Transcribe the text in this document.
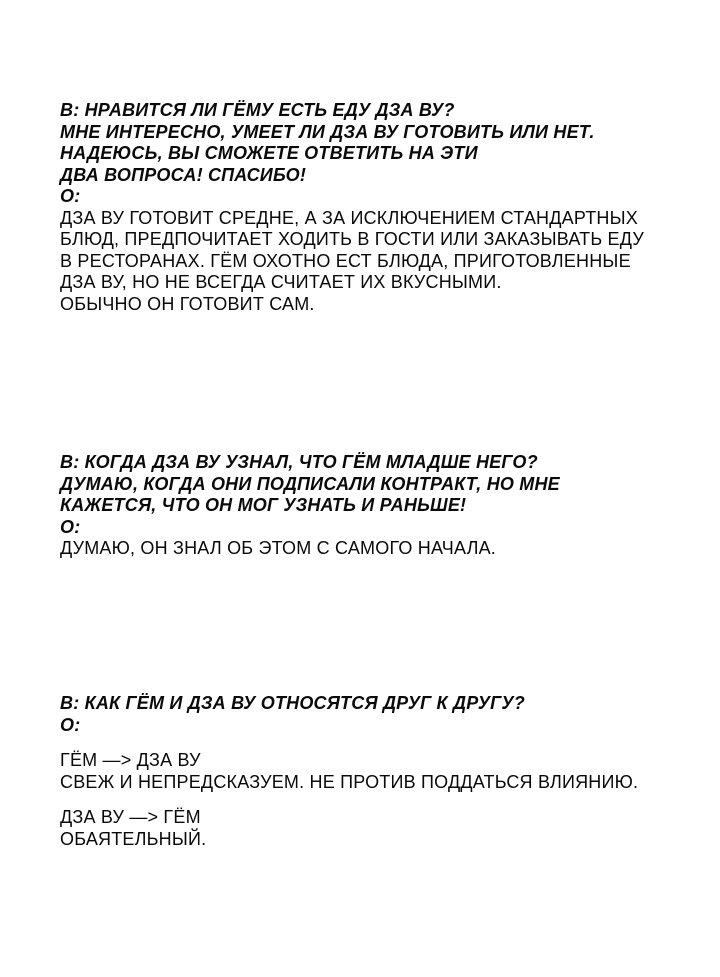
В: НРАВИТСЯ ЛИ ГЁМУ ЕСТЬ ЕДУ ДЗА ВУ?
МНЕ ИНТЕРЕСНО, УМЕЕТ ЛИ ДЗА ВУ ГОТОВИТЬ ИЛИ НЕТ.
НАДЕЮСЬ, ВЫ СМОЖЕТЕ ОТВЕТИТЬ НА ЭТИ
ДВА ВОПРОСА! СПАСИБО!
О:
ДЗА ВУ ГОТОВИТ СРЕДНЕ, А ЗА ИСКЛЮЧЕНИЕМ СТАНДАРТНЫХ
БЛЮД, ПРЕДПОЧИТАЕТ ХОДИТЬ В ГОСТИ ИЛИ ЗАКАЗЫВАТЬ ЕДУ
В РЕСТОРАНАХ. ГЁМ ОХОТНО ЕСТ БЛЮДА, ПРИГОТОВЛЕННЫЕ
ДЗА ВУ, НО НЕ ВСЕГДА СЧИТАЕТ ИХ ВКУСНЫМИ.
ОБЫЧНО ОН ГОТОВИТ САМ.
В: КОГДА ДЗА ВУ УЗНАЛ, ЧТО ГЁМ МЛАДШЕ НЕГО?
ДУМАЮ, КОГДА ОНИ ПОДПИСАЛИ КОНТРАКТ, НО МНЕ
КАЖЕТСЯ, ЧТО ОН МОГ УЗНАТЬ И РАНЬШЕ!
О:
ДУМАЮ, ОН ЗНАЛ ОБ ЭТОМ С САМОГО НАЧАЛА.
В: КАК ГЁМ И ДЗА ВУ ОТНОСЯТСЯ ДРУГ К ДРУГУ?
О:
ГЁМ —> ДЗА ВУ
СВЕЖ И НЕПРЕДСКАЗУЕМ. НЕ ПРОТИВ ПОДДАТЬСЯ ВЛИЯНИЮ.
ДЗА ВУ —> ГЁМ
ОБАЯТЕЛЬНЫЙ.
